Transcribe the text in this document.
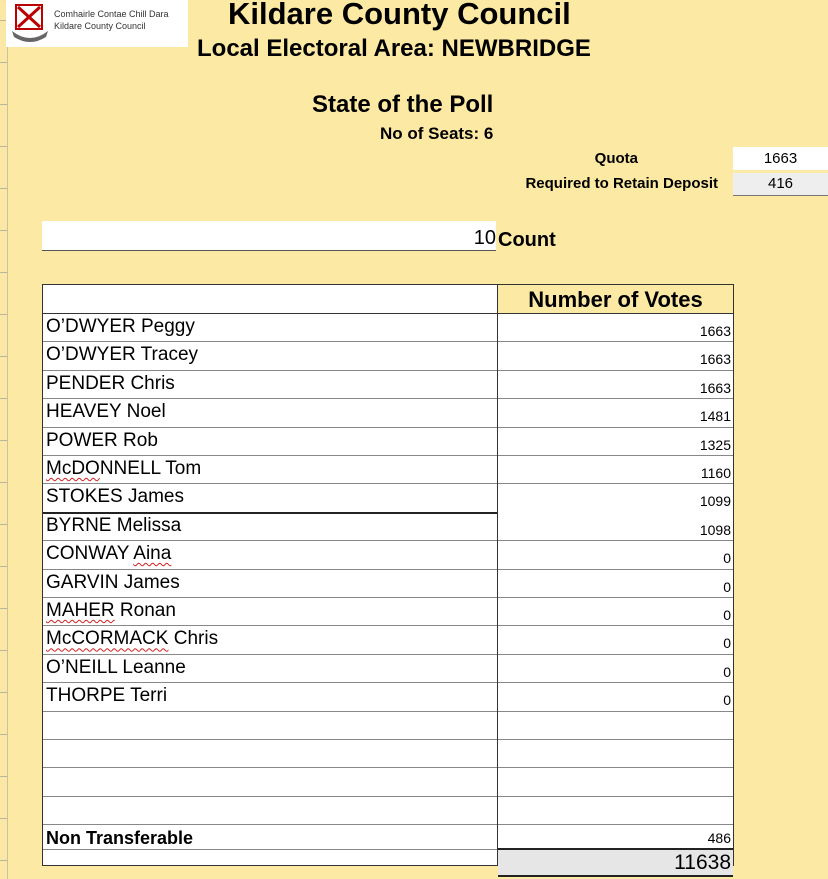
Comhairle Contae Chill Dara
Kildare County Council	Kildare County Council
Local Electoral Area: NEWBRIDGE
State of the Poll
No of Seats: 6
Quota	1663
Required to Retain Deposit	416
10 Count
Number of Votes
O’DWYER Peggy	1663
O’DWYER Tracey	1663
PENDER Chris	1663
HEAVEY Noel	1481
POWER Rob	1325
McDONNELL Tom	1160
STOKES James	1099
BYRNE Melissa	1098
CONWAY Aina	0
GARVIN James	0
MAHER Ronan	0
McCORMACK Chris	0
O’NEILL Leanne	0
THORPE Terri	0
Non Transferable	486
11638
